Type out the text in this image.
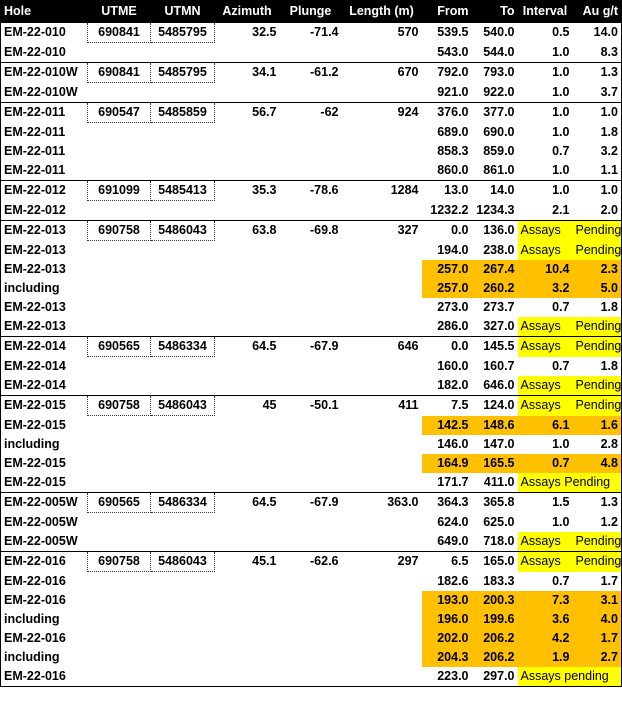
Hole	UTME	UTMN	Azimuth	Plunge	Length (m)	From	To	Interval	Au g/t
EM-22-010	690841	5485795	32.5	-71.4	570	539.5	540.0	0.5	14.0
EM-22-010						543.0	544.0	1.0	8.3
EM-22-010W	690841	5485795	34.1	-61.2	670	792.0	793.0	1.0	1.3
EM-22-010W						921.0	922.0	1.0	3.7
EM-22-011	690547	5485859	56.7	-62	924	376.0	377.0	1.0	1.0
EM-22-011						689.0	690.0	1.0	1.8
EM-22-011						858.3	859.0	0.7	3.2
EM-22-011						860.0	861.0	1.0	1.1
EM-22-012	691099	5485413	35.3	-78.6	1284	13.0	14.0	1.0	1.0
EM-22-012						1232.2	1234.3	2.1	2.0
EM-22-013	690758	5486043	63.8	-69.8	327	0.0	136.0	Assays	Pending
EM-22-013						194.0	238.0	Assays	Pending
EM-22-013						257.0	267.4	10.4	2.3
including						257.0	260.2	3.2	5.0
EM-22-013						273.0	273.7	0.7	1.8
EM-22-013						286.0	327.0	Assays	Pending
EM-22-014	690565	5486334	64.5	-67.9	646	0.0	145.5	Assays	Pending
EM-22-014						160.0	160.7	0.7	1.8
EM-22-014						182.0	646.0	Assays	Pending
EM-22-015	690758	5486043	45	-50.1	411	7.5	124.0	Assays	Pending
EM-22-015						142.5	148.6	6.1	1.6
including						146.0	147.0	1.0	2.8
EM-22-015						164.9	165.5	0.7	4.8
EM-22-015						171.7	411.0	Assays Pending	
EM-22-005W	690565	5486334	64.5	-67.9	363.0	364.3	365.8	1.5	1.3
EM-22-005W						624.0	625.0	1.0	1.2
EM-22-005W						649.0	718.0	Assays	Pending
EM-22-016	690758	5486043	45.1	-62.6	297	6.5	165.0	Assays	Pending
EM-22-016						182.6	183.3	0.7	1.7
EM-22-016						193.0	200.3	7.3	3.1
including						196.0	199.6	3.6	4.0
EM-22-016						202.0	206.2	4.2	1.7
including						204.3	206.2	1.9	2.7
EM-22-016						223.0	297.0	Assays pending	
